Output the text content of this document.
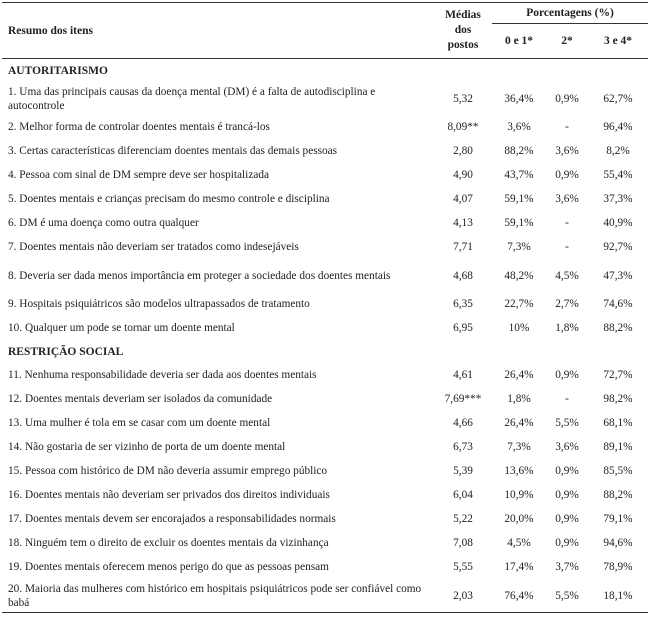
Resumo dos itens	Médias
dos
postos	Porcentagens (%)		
		0 e 1*	2*	3 e 4*
AUTORITARISMO				
1. Uma das principais causas da doença mental (DM) é a falta de autodisciplina e autocontrole	5,32	36,4%	0,9%	62,7%
2. Melhor forma de controlar doentes mentais é trancá-los	8,09**	3,6%	-	96,4%
3. Certas características diferenciam doentes mentais das demais pessoas	2,80	88,2%	3,6%	8,2%
4. Pessoa com sinal de DM sempre deve ser hospitalizada	4,90	43,7%	0,9%	55,4%
5. Doentes mentais e crianças precisam do mesmo controle e disciplina	4,07	59,1%	3,6%	37,3%
6. DM é uma doença como outra qualquer	4,13	59,1%	-	40,9%
7. Doentes mentais não deveriam ser tratados como indesejáveis	7,71	7,3%	-	92,7%
8. Deveria ser dada menos importância em proteger a sociedade dos doentes mentais	4,68	48,2%	4,5%	47,3%
9. Hospitais psiquiátricos são modelos ultrapassados de tratamento	6,35	22,7%	2,7%	74,6%
10. Qualquer um pode se tornar um doente mental	6,95	10%	1,8%	88,2%
RESTRIÇÃO SOCIAL				
11. Nenhuma responsabilidade deveria ser dada aos doentes mentais	4,61	26,4%	0,9%	72,7%
12. Doentes mentais deveriam ser isolados da comunidade	7,69***	1,8%	-	98,2%
13. Uma mulher é tola em se casar com um doente mental	4,66	26,4%	5,5%	68,1%
14. Não gostaria de ser vizinho de porta de um doente mental	6,73	7,3%	3,6%	89,1%
15. Pessoa com histórico de DM não deveria assumir emprego público	5,39	13,6%	0,9%	85,5%
16. Doentes mentais não deveriam ser privados dos direitos individuais	6,04	10,9%	0,9%	88,2%
17. Doentes mentais devem ser encorajados a responsabilidades normais	5,22	20,0%	0,9%	79,1%
18. Ninguém tem o direito de excluir os doentes mentais da vizinhança	7,08	4,5%	0,9%	94,6%
19. Doentes mentais oferecem menos perigo do que as pessoas pensam	5,55	17,4%	3,7%	78,9%
20. Maioria das mulheres com histórico em hospitais psiquiátricos pode ser confiável como babá	2,03	76,4%	5,5%	18,1%
